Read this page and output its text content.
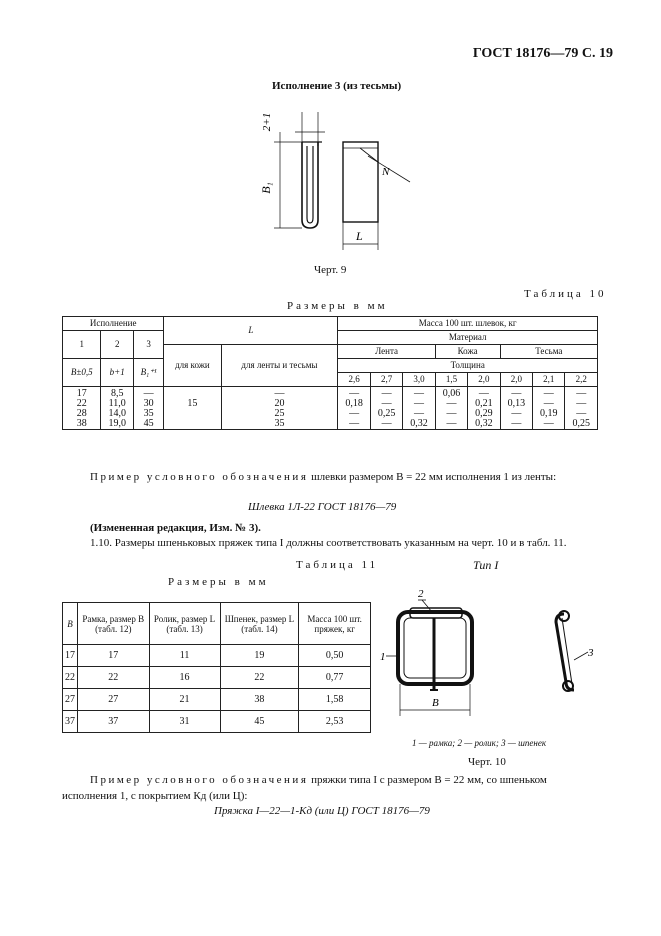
ГОСТ 18176—79 С. 19
Исполнение 3 (из тесьмы)
2+1
B₁
N
L
Черт. 9
Таблица 10
Размеры в мм
Исполнение			L		Масса 100 шт. шлевок, кг							
1	2	3			Материал							
			для кожи	для ленты и тесьмы	Лента			Кожа		Тесьма		
B±0,5	b+1	B₁⁺¹			Толщина							
					2,6	2,7	3,0	1,5	2,0	2,0	2,1	2,2
17	8,5	—		—	—	—	—	0,06	—	—	—	—
22	11,0	30	15	20	0,18	—	—	—	0,21	0,13	—	—
28	14,0	35		25	—	0,25	—	—	0,29	—	0,19	—
38	19,0	45		35	—	—	0,32	—	0,32	—	—	0,25
Пример условного обозначения шлевки размером B = 22 мм исполнения 1 из ленты:
Шлевка 1Л-22 ГОСТ 18176—79
(Измененная редакция, Изм. № 3).
1.10. Размеры шпеньковых пряжек типа I должны соответствовать указанным на черт. 10 и в табл. 11.
Таблица 11	Тип I
Размеры в мм
B	Рамка, размер B (табл. 12)	Ролик, размер L (табл. 13)	Шпенек, размер L (табл. 14)	Масса 100 шт. пряжек, кг
17	17	11	19	0,50
22	22	16	22	0,77
27	27	21	38	1,58
37	37	31	45	2,53
2
1	3
B
1 — рамка; 2 — ролик; 3 — шпенек
Черт. 10
Пример условного обозначения пряжки типа I с размером B = 22 мм, со шпеньком исполнения 1, с покрытием Кд (или Ц):
Пряжка I—22—1-Кд (или Ц) ГОСТ 18176—79
